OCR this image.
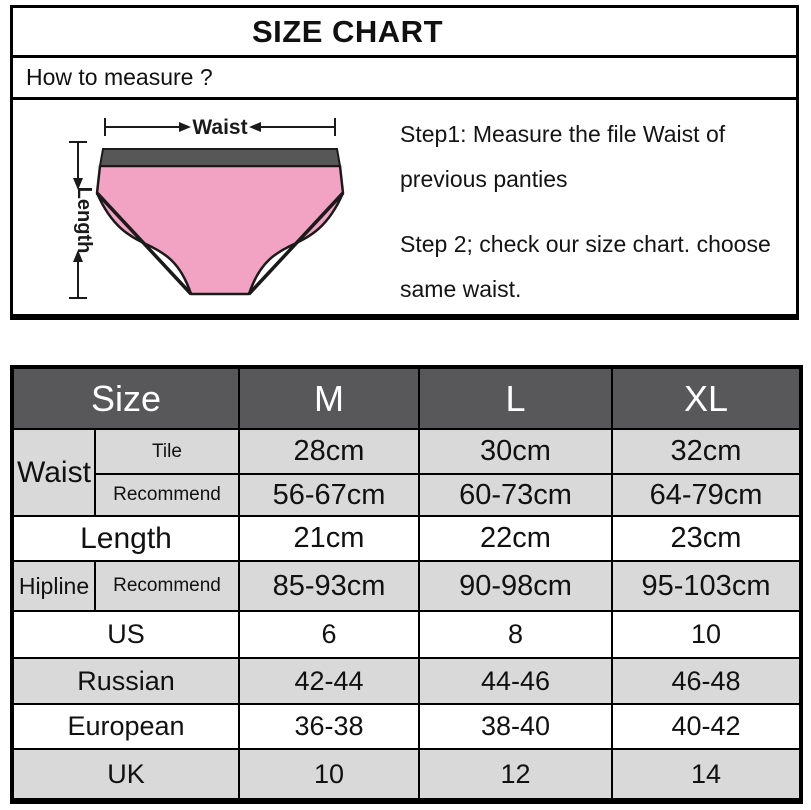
SIZE CHART
How to measure ?
Waist
Length

Step1: Measure the file Waist of
previous panties

Step 2; check our size chart. choose
same waist.

Size		M	L	XL
Waist	Tile	28cm	30cm	32cm
	Recommend	56-67cm	60-73cm	64-79cm
Length		21cm	22cm	23cm
Hipline	Recommend	85-93cm	90-98cm	95-103cm
US		6	8	10
Russian		42-44	44-46	46-48
European		36-38	38-40	40-42
UK		10	12	14
